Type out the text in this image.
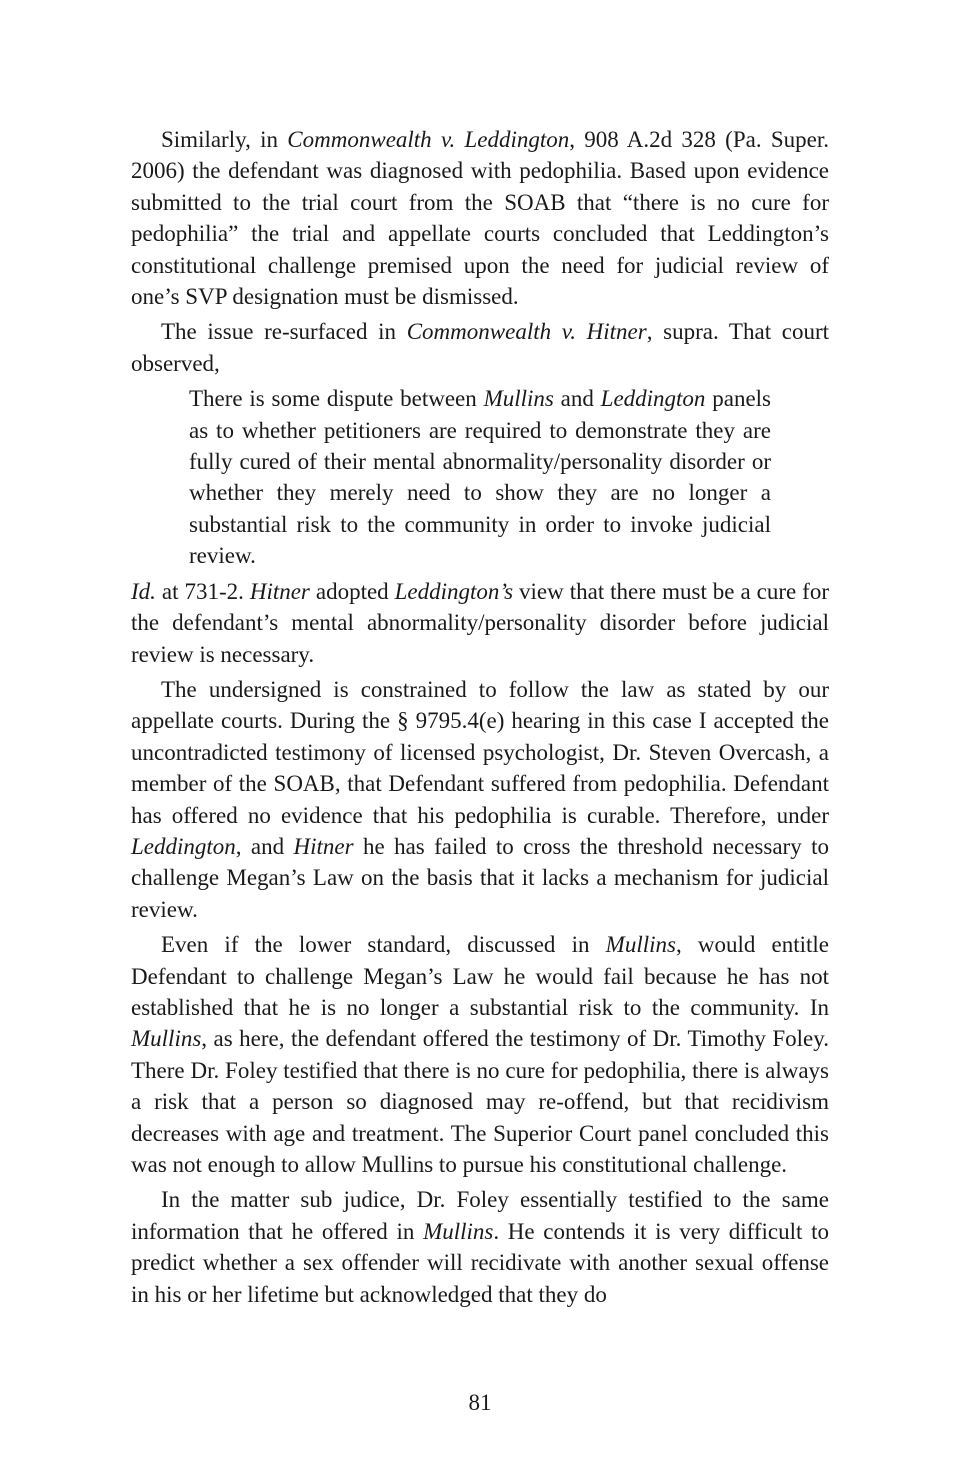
Similarly, in Commonwealth v. Leddington, 908 A.2d 328 (Pa. Super. 2006) the defendant was diagnosed with pedophilia. Based upon evidence submitted to the trial court from the SOAB that “there is no cure for pedophilia” the trial and appellate courts concluded that Leddington’s constitutional challenge premised upon the need for judicial review of one’s SVP designation must be dismissed.

The issue re-surfaced in Commonwealth v. Hitner, supra. That court observed,

There is some dispute between Mullins and Leddington panels as to whether petitioners are required to demonstrate they are fully cured of their mental abnormality/personality disorder or whether they merely need to show they are no longer a substantial risk to the community in order to invoke judicial review.

Id. at 731-2. Hitner adopted Leddington’s view that there must be a cure for the defendant’s mental abnormality/personality disorder before judicial review is necessary.

The undersigned is constrained to follow the law as stated by our appellate courts. During the § 9795.4(e) hearing in this case I accepted the uncontradicted testimony of licensed psychologist, Dr. Steven Overcash, a member of the SOAB, that Defendant suffered from pedophilia. Defendant has offered no evidence that his pedophilia is curable. Therefore, under Leddington, and Hitner he has failed to cross the threshold necessary to challenge Megan’s Law on the basis that it lacks a mechanism for judicial review.

Even if the lower standard, discussed in Mullins, would entitle Defendant to challenge Megan’s Law he would fail because he has not established that he is no longer a substantial risk to the community. In Mullins, as here, the defendant offered the testimony of Dr. Timothy Foley. There Dr. Foley testified that there is no cure for pedophilia, there is always a risk that a person so diagnosed may re-offend, but that recidivism decreases with age and treatment. The Superior Court panel concluded this was not enough to allow Mullins to pursue his constitutional challenge.

In the matter sub judice, Dr. Foley essentially testified to the same information that he offered in Mullins. He contends it is very difficult to predict whether a sex offender will recidivate with another sexual offense in his or her lifetime but acknowledged that they do

81
